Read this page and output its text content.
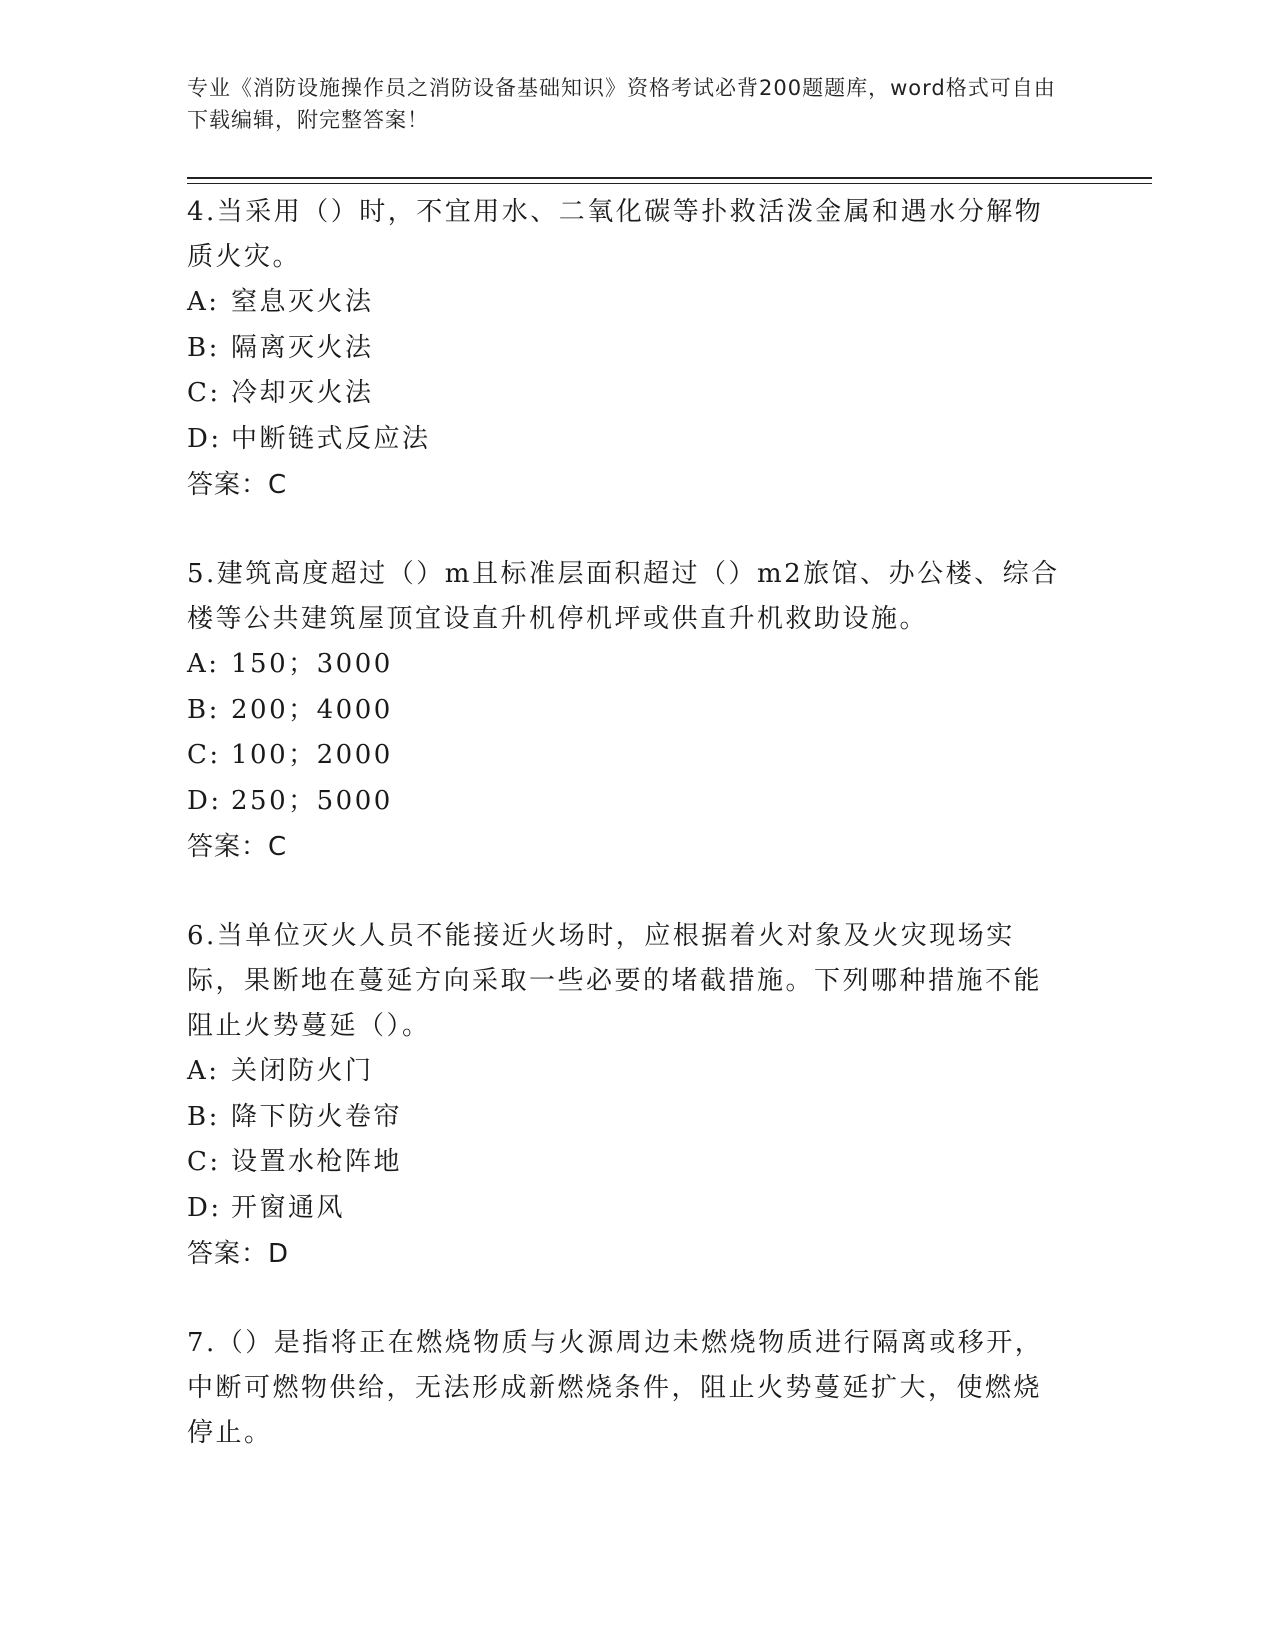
专业《消防设施操作员之消防设备基础知识》资格考试必背200题题库，word格式可自由下载编辑，附完整答案！

4.当采用（）时，不宜用水、二氧化碳等扑救活泼金属和遇水分解物质火灾。

A: 窒息灭火法
B: 隔离灭火法
C: 冷却灭火法
D: 中断链式反应法
答案：C

5.建筑高度超过（）m且标准层面积超过（）m2旅馆、办公楼、综合楼等公共建筑屋顶宜设直升机停机坪或供直升机救助设施。

A: 150；3000
B: 200；4000
C: 100；2000
D: 250；5000
答案：C

6.当单位灭火人员不能接近火场时，应根据着火对象及火灾现场实际，果断地在蔓延方向采取一些必要的堵截措施。下列哪种措施不能阻止火势蔓延（）。

A: 关闭防火门
B: 降下防火卷帘
C: 设置水枪阵地
D: 开窗通风
答案：D

7.（）是指将正在燃烧物质与火源周边未燃烧物质进行隔离或移开，中断可燃物供给，无法形成新燃烧条件，阻止火势蔓延扩大，使燃烧停止。
